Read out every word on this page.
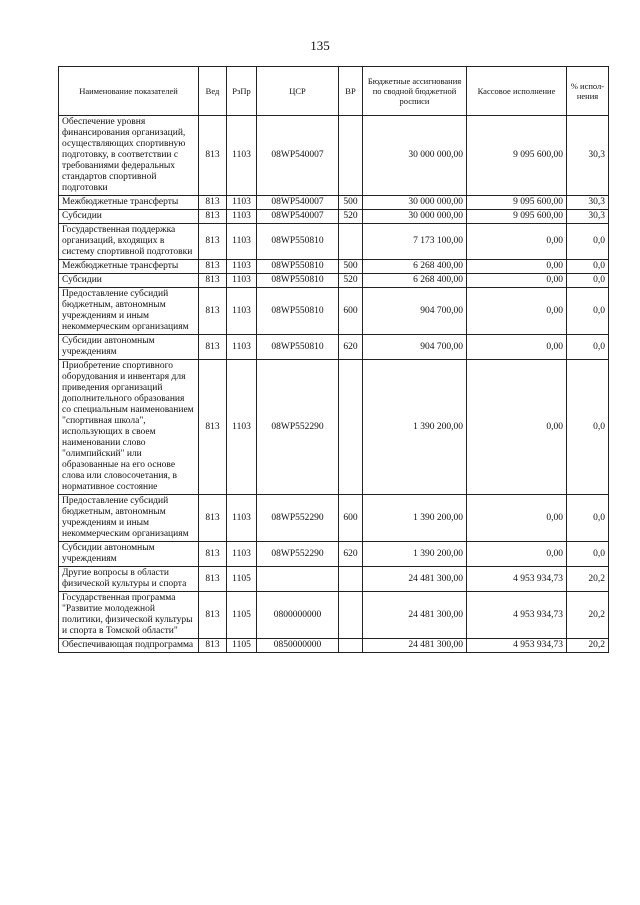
135
Наименование показателей	Вед	РзПр	ЦСР	ВР	Бюджетные ассигнования по сводной бюджетной росписи	Кассовое исполнение	% испол-нения
Обеспечение уровня финансирования организаций, осуществляющих спортивную подготовку, в соответствии с требованиями федеральных стандартов спортивной подготовки	813	1103	08WP540007		30 000 000,00	9 095 600,00	30,3
Межбюджетные трансферты	813	1103	08WP540007	500	30 000 000,00	9 095 600,00	30,3
Субсидии	813	1103	08WP540007	520	30 000 000,00	9 095 600,00	30,3
Государственная поддержка организаций, входящих в систему спортивной подготовки	813	1103	08WP550810		7 173 100,00	0,00	0,0
Межбюджетные трансферты	813	1103	08WP550810	500	6 268 400,00	0,00	0,0
Субсидии	813	1103	08WP550810	520	6 268 400,00	0,00	0,0
Предоставление субсидий бюджетным, автономным учреждениям и иным некоммерческим организациям	813	1103	08WP550810	600	904 700,00	0,00	0,0
Субсидии автономным учреждениям	813	1103	08WP550810	620	904 700,00	0,00	0,0
Приобретение спортивного оборудования и инвентаря для приведения организаций дополнительного образования со специальным наименованием "спортивная школа", использующих в своем наименовании слово "олимпийский" или образованные на его основе слова или словосочетания, в нормативное состояние	813	1103	08WP552290		1 390 200,00	0,00	0,0
Предоставление субсидий бюджетным, автономным учреждениям и иным некоммерческим организациям	813	1103	08WP552290	600	1 390 200,00	0,00	0,0
Субсидии автономным учреждениям	813	1103	08WP552290	620	1 390 200,00	0,00	0,0
Другие вопросы в области физической культуры и спорта	813	1105			24 481 300,00	4 953 934,73	20,2
Государственная программа "Развитие молодежной политики, физической культуры и спорта в Томской области"	813	1105	0800000000		24 481 300,00	4 953 934,73	20,2
Обеспечивающая подпрограмма	813	1105	0850000000		24 481 300,00	4 953 934,73	20,2
